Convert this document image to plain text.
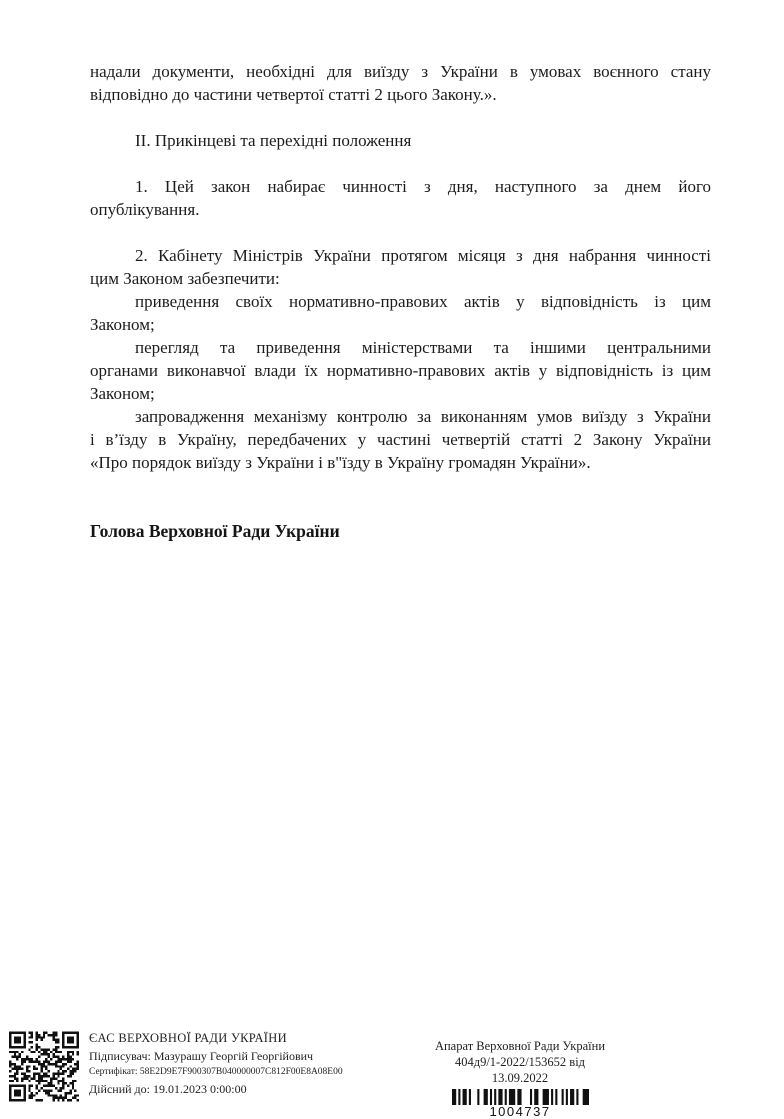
надали документи, необхідні для виїзду з України в умовах воєнного стану
відповідно до частини четвертої статті 2 цього Закону.».
ІІ. Прикінцеві та перехідні положення
1. Цей закон набирає чинності з дня, наступного за днем його
опублікування.
2. Кабінету Міністрів України протягом місяця з дня набрання чинності
цим Законом забезпечити:
приведення своїх нормативно-правових актів у відповідність із цим
Законом;
перегляд та приведення міністерствами та іншими центральними
органами виконавчої влади їх нормативно-правових актів у відповідність із цим
Законом;
запровадження механізму контролю за виконанням умов виїзду з України
і в’їзду в Україну, передбачених у частині четвертій статті 2 Закону України
«Про порядок виїзду з України і в"їзду в Україну громадян України».
Голова Верховної Ради України
ЄАС ВЕРХОВНОЇ РАДИ УКРАЇНИ
Підписувач: Мазурашу Георгій Георгійович
Сертифікат: 58E2D9E7F900307B040000007C812F00E8A08E00
Дійсний до: 19.01.2023 0:00:00
Апарат Верховної Ради України
404д9/1-2022/153652 від 13.09.2022
1004737
